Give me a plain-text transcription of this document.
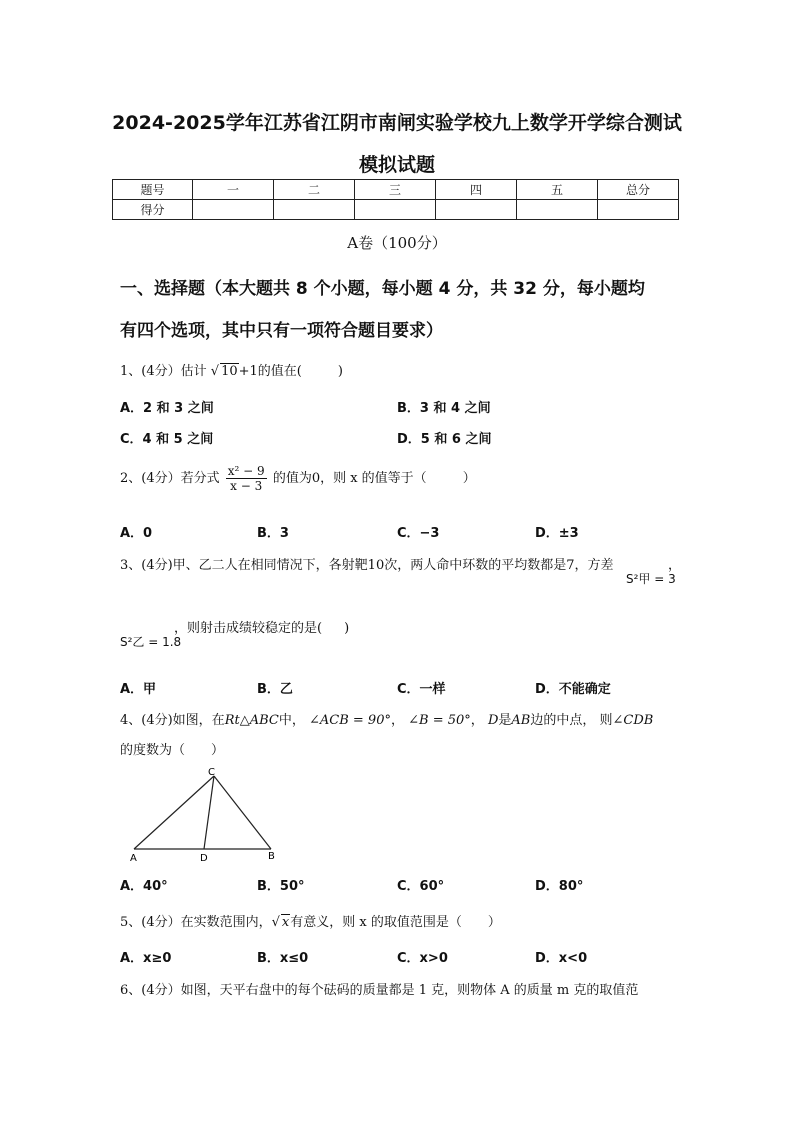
2024-2025学年江苏省江阴市南闸实验学校九上数学开学综合测试
模拟试题
题号	一	二	三	四	五	总分
得分						
A卷（100分）
一、选择题（本大题共 8 个小题，每小题 4 分，共 32 分，每小题均
有四个选项，其中只有一项符合题目要求）
1、(4分）估计 √ 10+1的值在(	)
A．2 和 3 之间	B．3 和 4 之间
C．4 和 5 之间	D．5 和 6 之间
2、(4分）若分式 $\frac{\text{x² − 9}}{x - 3}$ 的值为0，则 x 的值等于（	）
A．0	B．3	C．−3	D．±3
3、(4分)甲、乙二人在相同情况下，各射靶10次，两人命中环数的平均数都是7，方差	，
S²甲 = 3
，则射击成绩较稳定的是( )
S²乙 = 1.8
A．甲	B．乙	C．一样	D．不能确定
4、(4分)如图，在Rt△ABC中， ∠ACB = 90°， ∠B = 50°， D是AB边的中点， 则∠CDB
的度数为（ ）
C
A	D	B
A．40°	B．50°	C．60°	D．80°
5、(4分）在实数范围内，√ x有意义，则 x 的取值范围是（ ）
A．x≥0	B．x≤0	C．x>0	D．x<0
6、(4分）如图，天平右盘中的每个砝码的质量都是 1 克，则物体 A 的质量 m 克的取值范
